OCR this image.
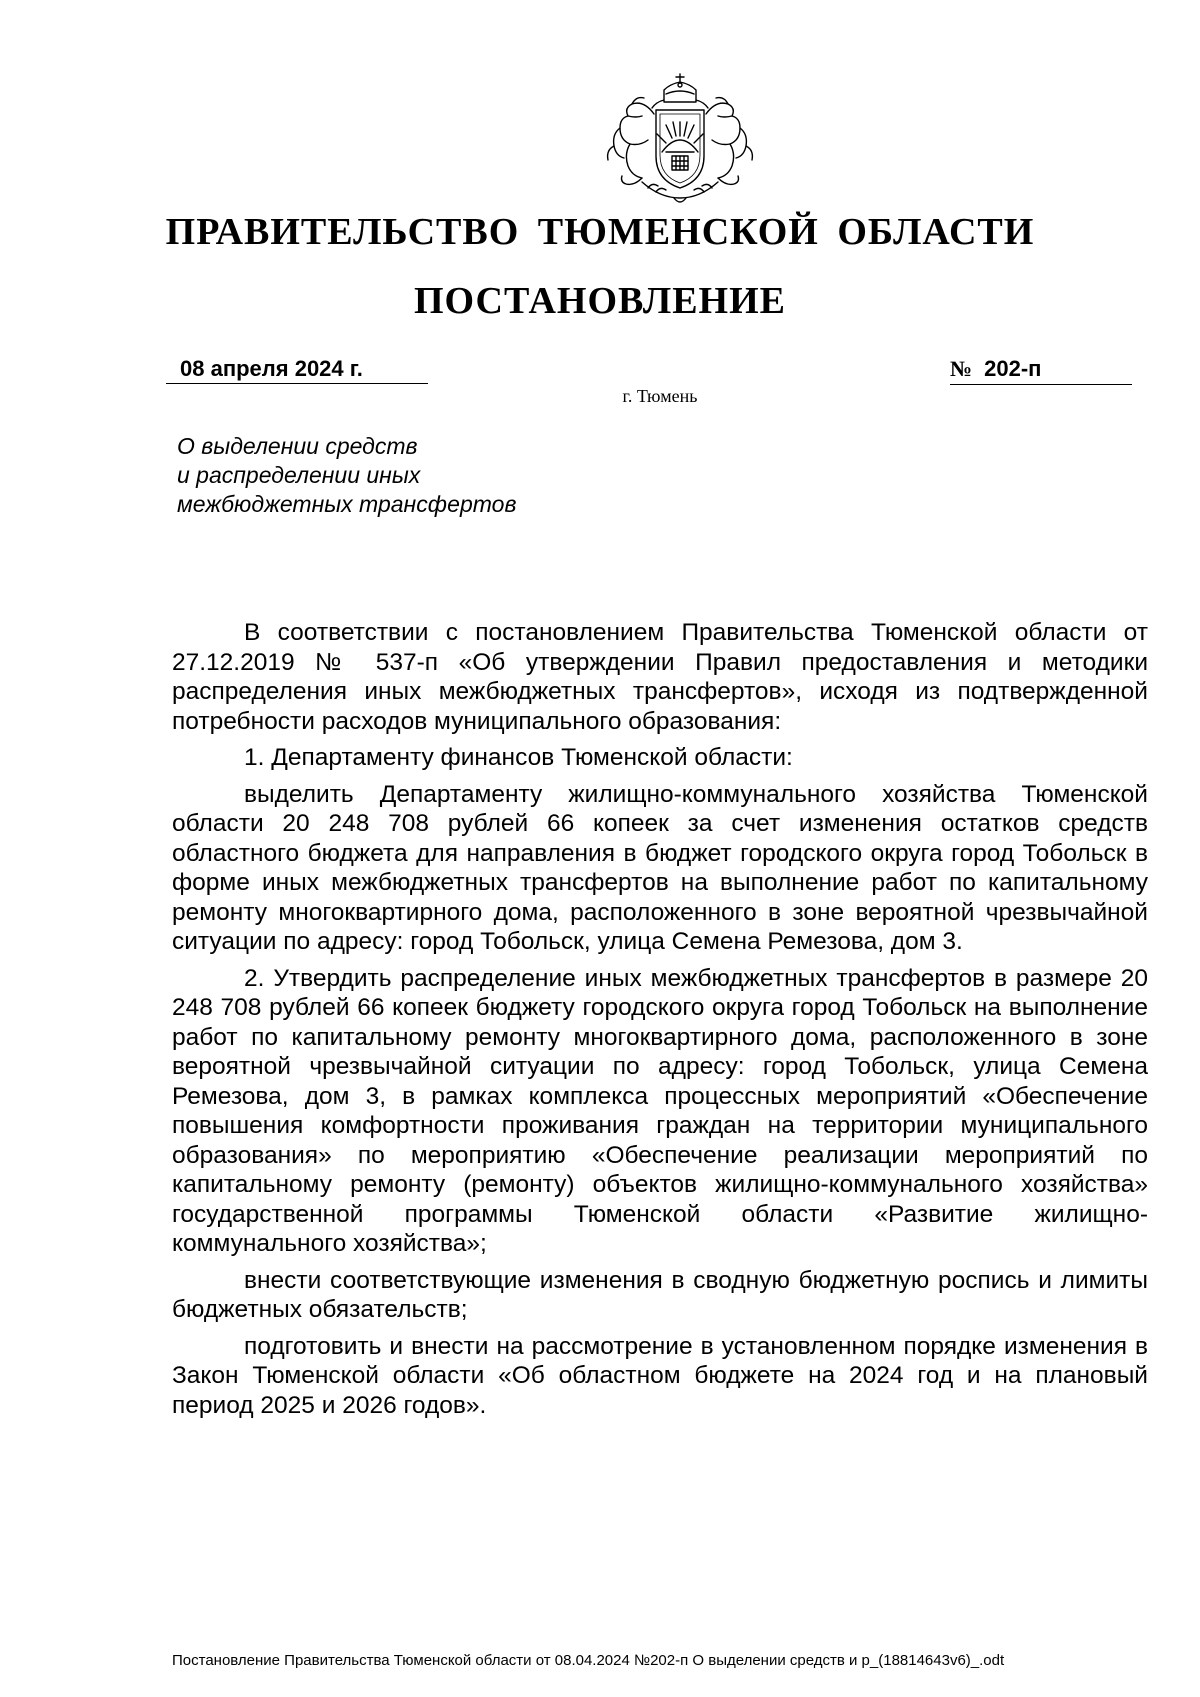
ПРАВИТЕЛЬСТВО ТЮМЕНСКОЙ ОБЛАСТИ
ПОСТАНОВЛЕНИЕ
08 апреля 2024 г.	№ 202-п
г. Тюмень
О выделении средств
и распределении иных
межбюджетных трансфертов

В соответствии с постановлением Правительства Тюменской области от 27.12.2019 № 537-п «Об утверждении Правил предоставления и методики распределения иных межбюджетных трансфертов», исходя из подтвержденной потребности расходов муниципального образования:

1. Департаменту финансов Тюменской области:

выделить Департаменту жилищно-коммунального хозяйства Тюменской области 20 248 708 рублей 66 копеек за счет изменения остатков средств областного бюджета для направления в бюджет городского округа город Тобольск в форме иных межбюджетных трансфертов на выполнение работ по капитальному ремонту многоквартирного дома, расположенного в зоне вероятной чрезвычайной ситуации по адресу: город Тобольск, улица Семена Ремезова, дом 3.

2. Утвердить распределение иных межбюджетных трансфертов в размере 20 248 708 рублей 66 копеек бюджету городского округа город Тобольск на выполнение работ по капитальному ремонту многоквартирного дома, расположенного в зоне вероятной чрезвычайной ситуации по адресу: город Тобольск, улица Семена Ремезова, дом 3, в рамках комплекса процессных мероприятий «Обеспечение повышения комфортности проживания граждан на территории муниципального образования» по мероприятию «Обеспечение реализации мероприятий по капитальному ремонту (ремонту) объектов жилищно-коммунального хозяйства» государственной программы Тюменской области «Развитие жилищно-коммунального хозяйства»;

внести соответствующие изменения в сводную бюджетную роспись и лимиты бюджетных обязательств;

подготовить и внести на рассмотрение в установленном порядке изменения в Закон Тюменской области «Об областном бюджете на 2024 год и на плановый период 2025 и 2026 годов».

Постановление Правительства Тюменской области от 08.04.2024 №202-п О выделении средств и р_(18814643v6)_.odt
